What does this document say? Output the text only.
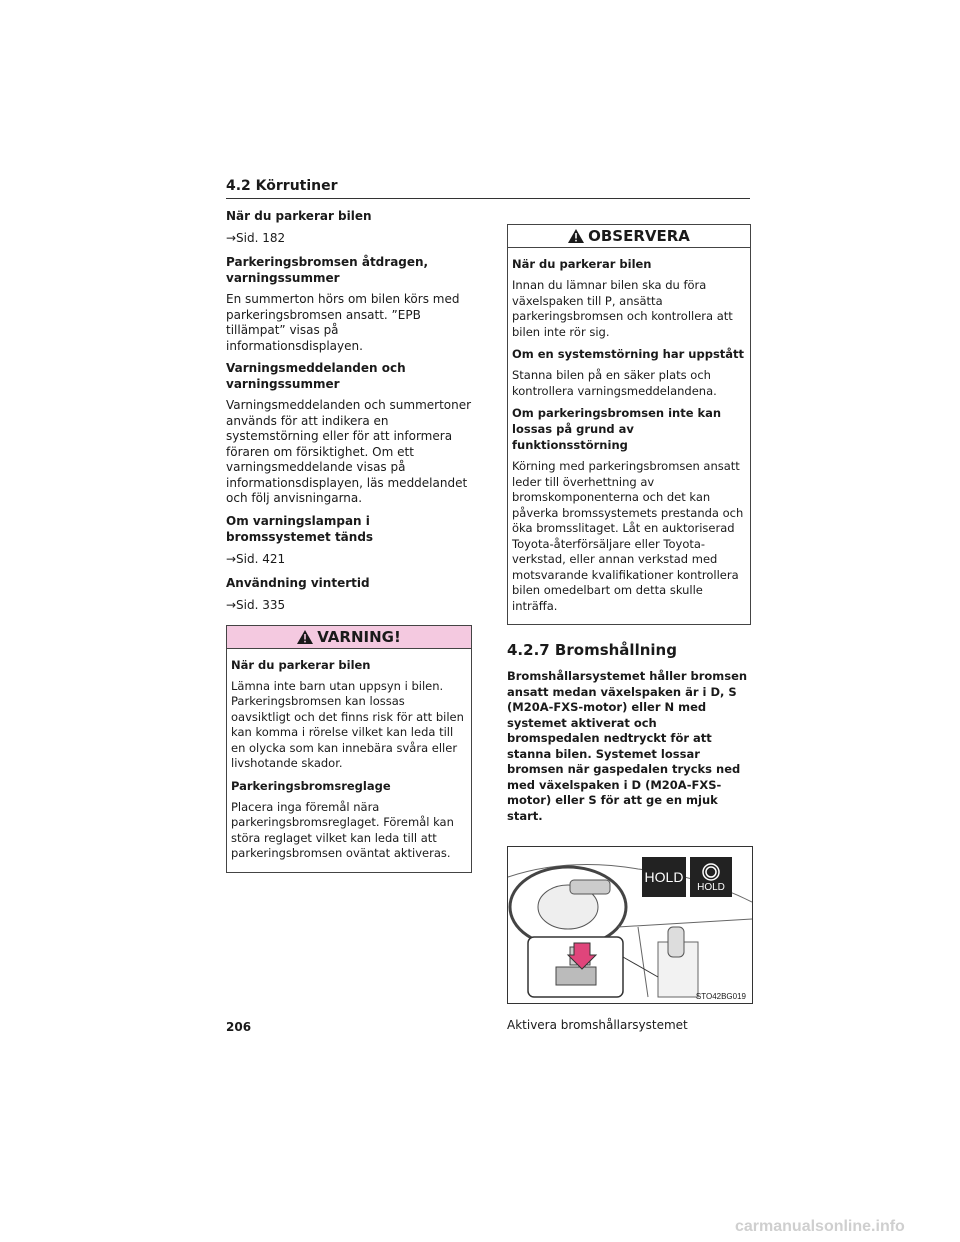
4.2 Körrutiner
När du parkerar bilen
→Sid. 182
Parkeringsbromsen åtdragen, varningssummer
En summerton hörs om bilen körs med parkeringsbromsen ansatt. ”EPB tillämpat” visas på informationsdisplayen.
Varningsmeddelanden och varningssummer
Varningsmeddelanden och summertoner används för att indikera en systemstörning eller för att informera föraren om försiktighet. Om ett varningsmeddelande visas på informationsdisplayen, läs meddelandet och följ anvisningarna.
Om varningslampan i bromssystemet tänds
→Sid. 421
Användning vintertid
→Sid. 335
VARNING!
När du parkerar bilen
Lämna inte barn utan uppsyn i bilen. Parkeringsbromsen kan lossas oavsiktligt och det finns risk för att bilen kan komma i rörelse vilket kan leda till en olycka som kan innebära svåra eller livshotande skador.
Parkeringsbromsreglage
Placera inga föremål nära parkeringsbromsreglaget. Föremål kan störa reglaget vilket kan leda till att parkeringsbromsen oväntat aktiveras.
OBSERVERA
När du parkerar bilen
Innan du lämnar bilen ska du föra växelspaken till P, ansätta parkeringsbromsen och kontrollera att bilen inte rör sig.
Om en systemstörning har uppstått
Stanna bilen på en säker plats och kontrollera varningsmeddelandena.
Om parkeringsbromsen inte kan lossas på grund av funktionsstörning
Körning med parkeringsbromsen ansatt leder till överhettning av bromskomponenterna och det kan påverka bromssystemets prestanda och öka bromsslitaget. Låt en auktoriserad Toyota-återförsäljare eller Toyota-verkstad, eller annan verkstad med motsvarande kvalifikationer kontrollera bilen omedelbart om detta skulle inträffa.
4.2.7 Bromshållning
Bromshållarsystemet håller bromsen ansatt medan växelspaken är i D, S (M20A-FXS-motor) eller N med systemet aktiverat och bromspedalen nedtryckt för att stanna bilen. Systemet lossar bromsen när gaspedalen trycks ned med växelspaken i D (M20A-FXS-motor) eller S för att ge en mjuk start.
HOLD
HOLD
STO42BG019
Aktivera bromshållarsystemet
206
carmanualsonline.info
